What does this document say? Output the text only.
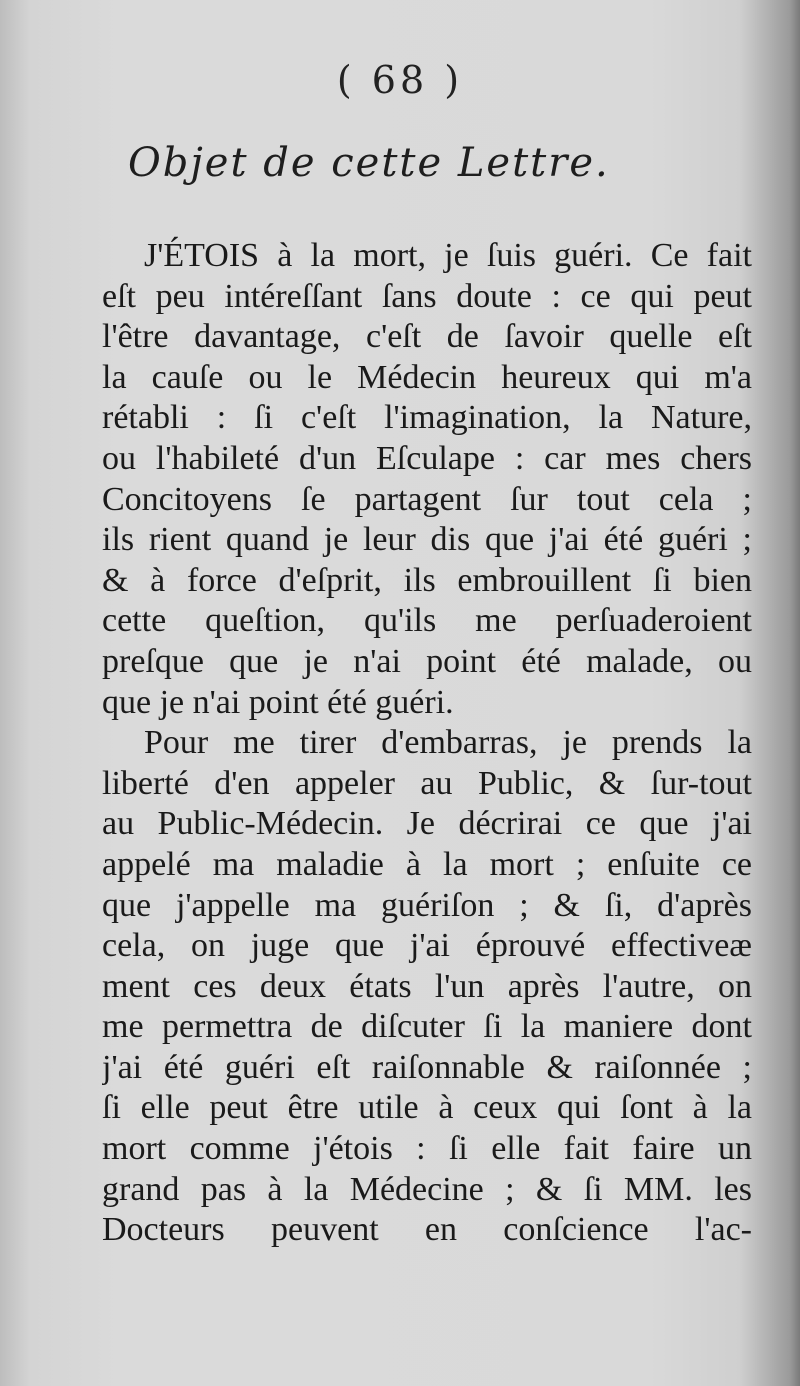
( 68 )
Objet de cette Lettre.
J'ÉTOIS à la mort, je ſuis guéri. Ce fait
eſt peu intéreſſant ſans doute : ce qui peut
l'être davantage, c'eſt de ſavoir quelle eſt
la cauſe ou le Médecin heureux qui m'a
rétabli : ſi c'eſt l'imagination, la Nature,
ou l'habileté d'un Eſculape : car mes chers
Concitoyens ſe partagent ſur tout cela ;
ils rient quand je leur dis que j'ai été guéri ;
& à force d'eſprit, ils embrouillent ſi bien
cette queſtion, qu'ils me perſuaderoient
preſque que je n'ai point été malade, ou
que je n'ai point été guéri.
Pour me tirer d'embarras, je prends la
liberté d'en appeler au Public, & ſur-tout
au Public-Médecin. Je décrirai ce que j'ai
appelé ma maladie à la mort ; enſuite ce
que j'appelle ma guériſon ; & ſi, d'après
cela, on juge que j'ai éprouvé effectiveæ
ment ces deux états l'un après l'autre, on
me permettra de diſcuter ſi la maniere dont
j'ai été guéri eſt raiſonnable & raiſonnée ;
ſi elle peut être utile à ceux qui ſont à la
mort comme j'étois : ſi elle fait faire un
grand pas à la Médecine ; & ſi MM. les
Docteurs peuvent en conſcience l'ac-
